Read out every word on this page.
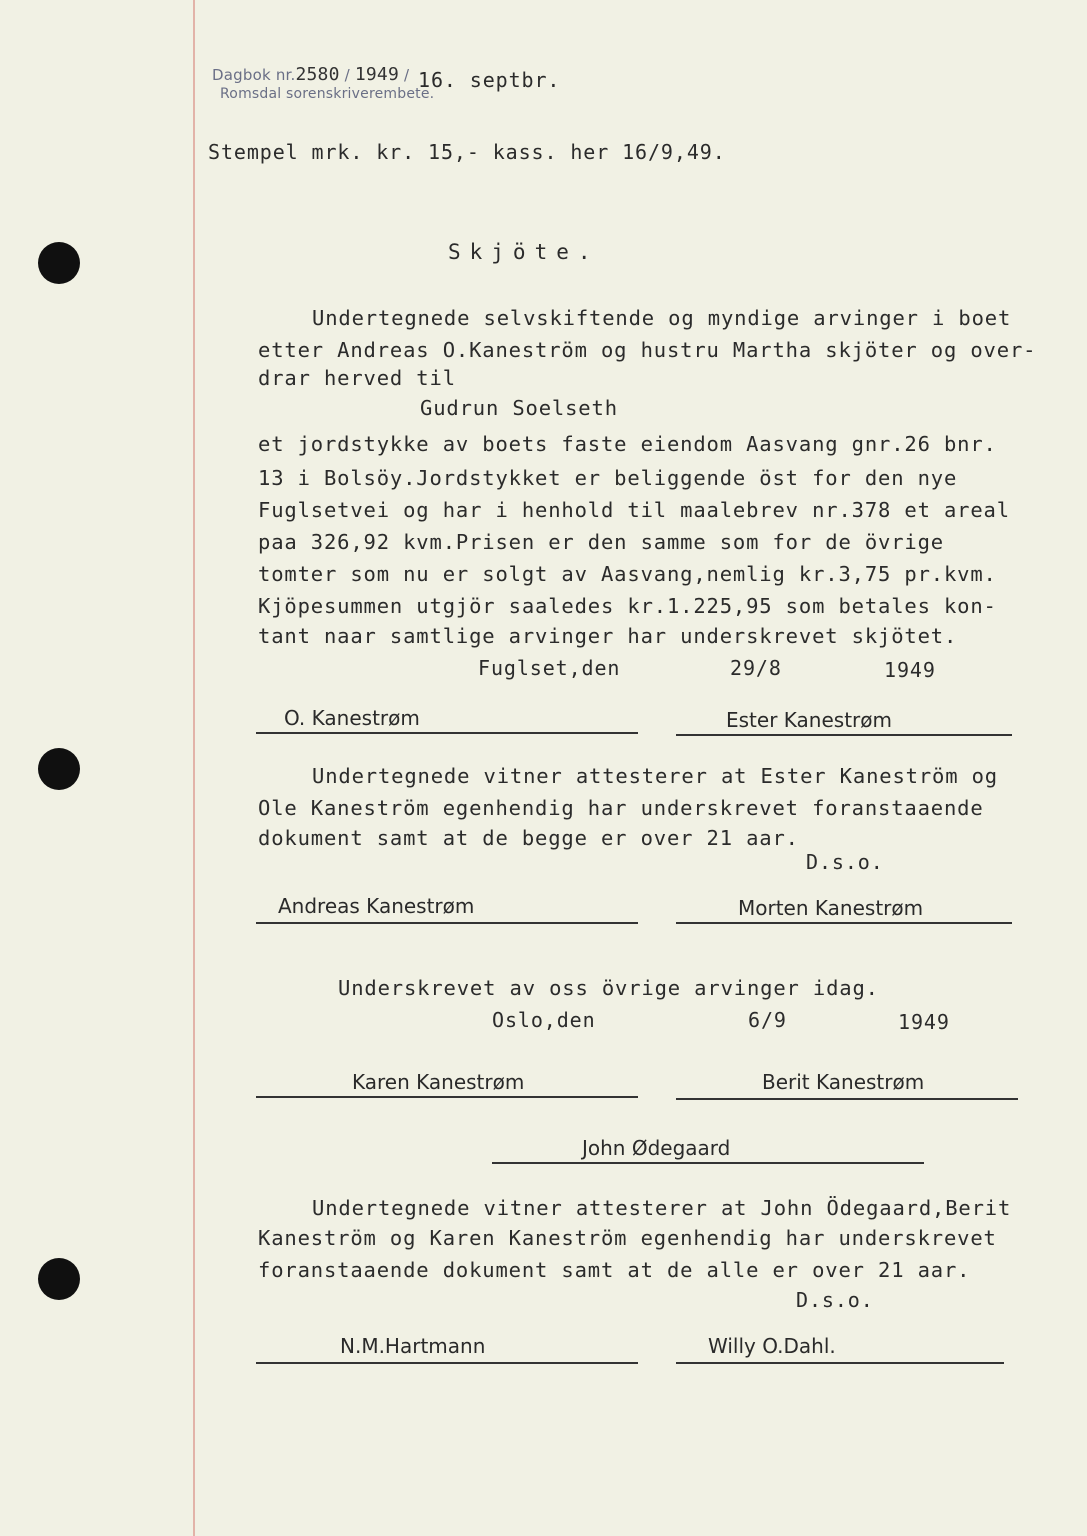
Dagbok nr.2580 / 1949 /
Romsdal sorenskriverembete.
16. septbr.
Stempel mrk. kr. 15,- kass. her 16/9,49.
Skjöte.
Undertegnede selvskiftende og myndige arvinger i boet
etter Andreas O.Kaneström og hustru Martha skjöter og over-
drar herved til
Gudrun Soelseth
et jordstykke av boets faste eiendom Aasvang gnr.26 bnr.
13 i Bolsöy.Jordstykket er beliggende öst for den nye
Fuglsetvei og har i henhold til maalebrev nr.378 et areal
paa 326,92 kvm.Prisen er den samme som for de övrige
tomter som nu er solgt av Aasvang,nemlig kr.3,75 pr.kvm.
Kjöpesummen utgjör saaledes kr.1.225,95 som betales kon-
tant naar samtlige arvinger har underskrevet skjötet.
Fuglset,den	29/8	1949
O. Kanestrøm	Ester Kanestrøm
Undertegnede vitner attesterer at Ester Kaneström og
Ole Kaneström egenhendig har underskrevet foranstaaende
dokument samt at de begge er over 21 aar.
D.s.o.
Andreas Kanestrøm	Morten Kanestrøm
Underskrevet av oss övrige arvinger idag.
Oslo,den	6/9	1949
Karen Kanestrøm	Berit Kanestrøm
John Ødegaard
Undertegnede vitner attesterer at John Ödegaard,Berit
Kaneström og Karen Kaneström egenhendig har underskrevet
foranstaaende dokument samt at de alle er over 21 aar.
D.s.o.
N.M.Hartmann	Willy O.Dahl.
